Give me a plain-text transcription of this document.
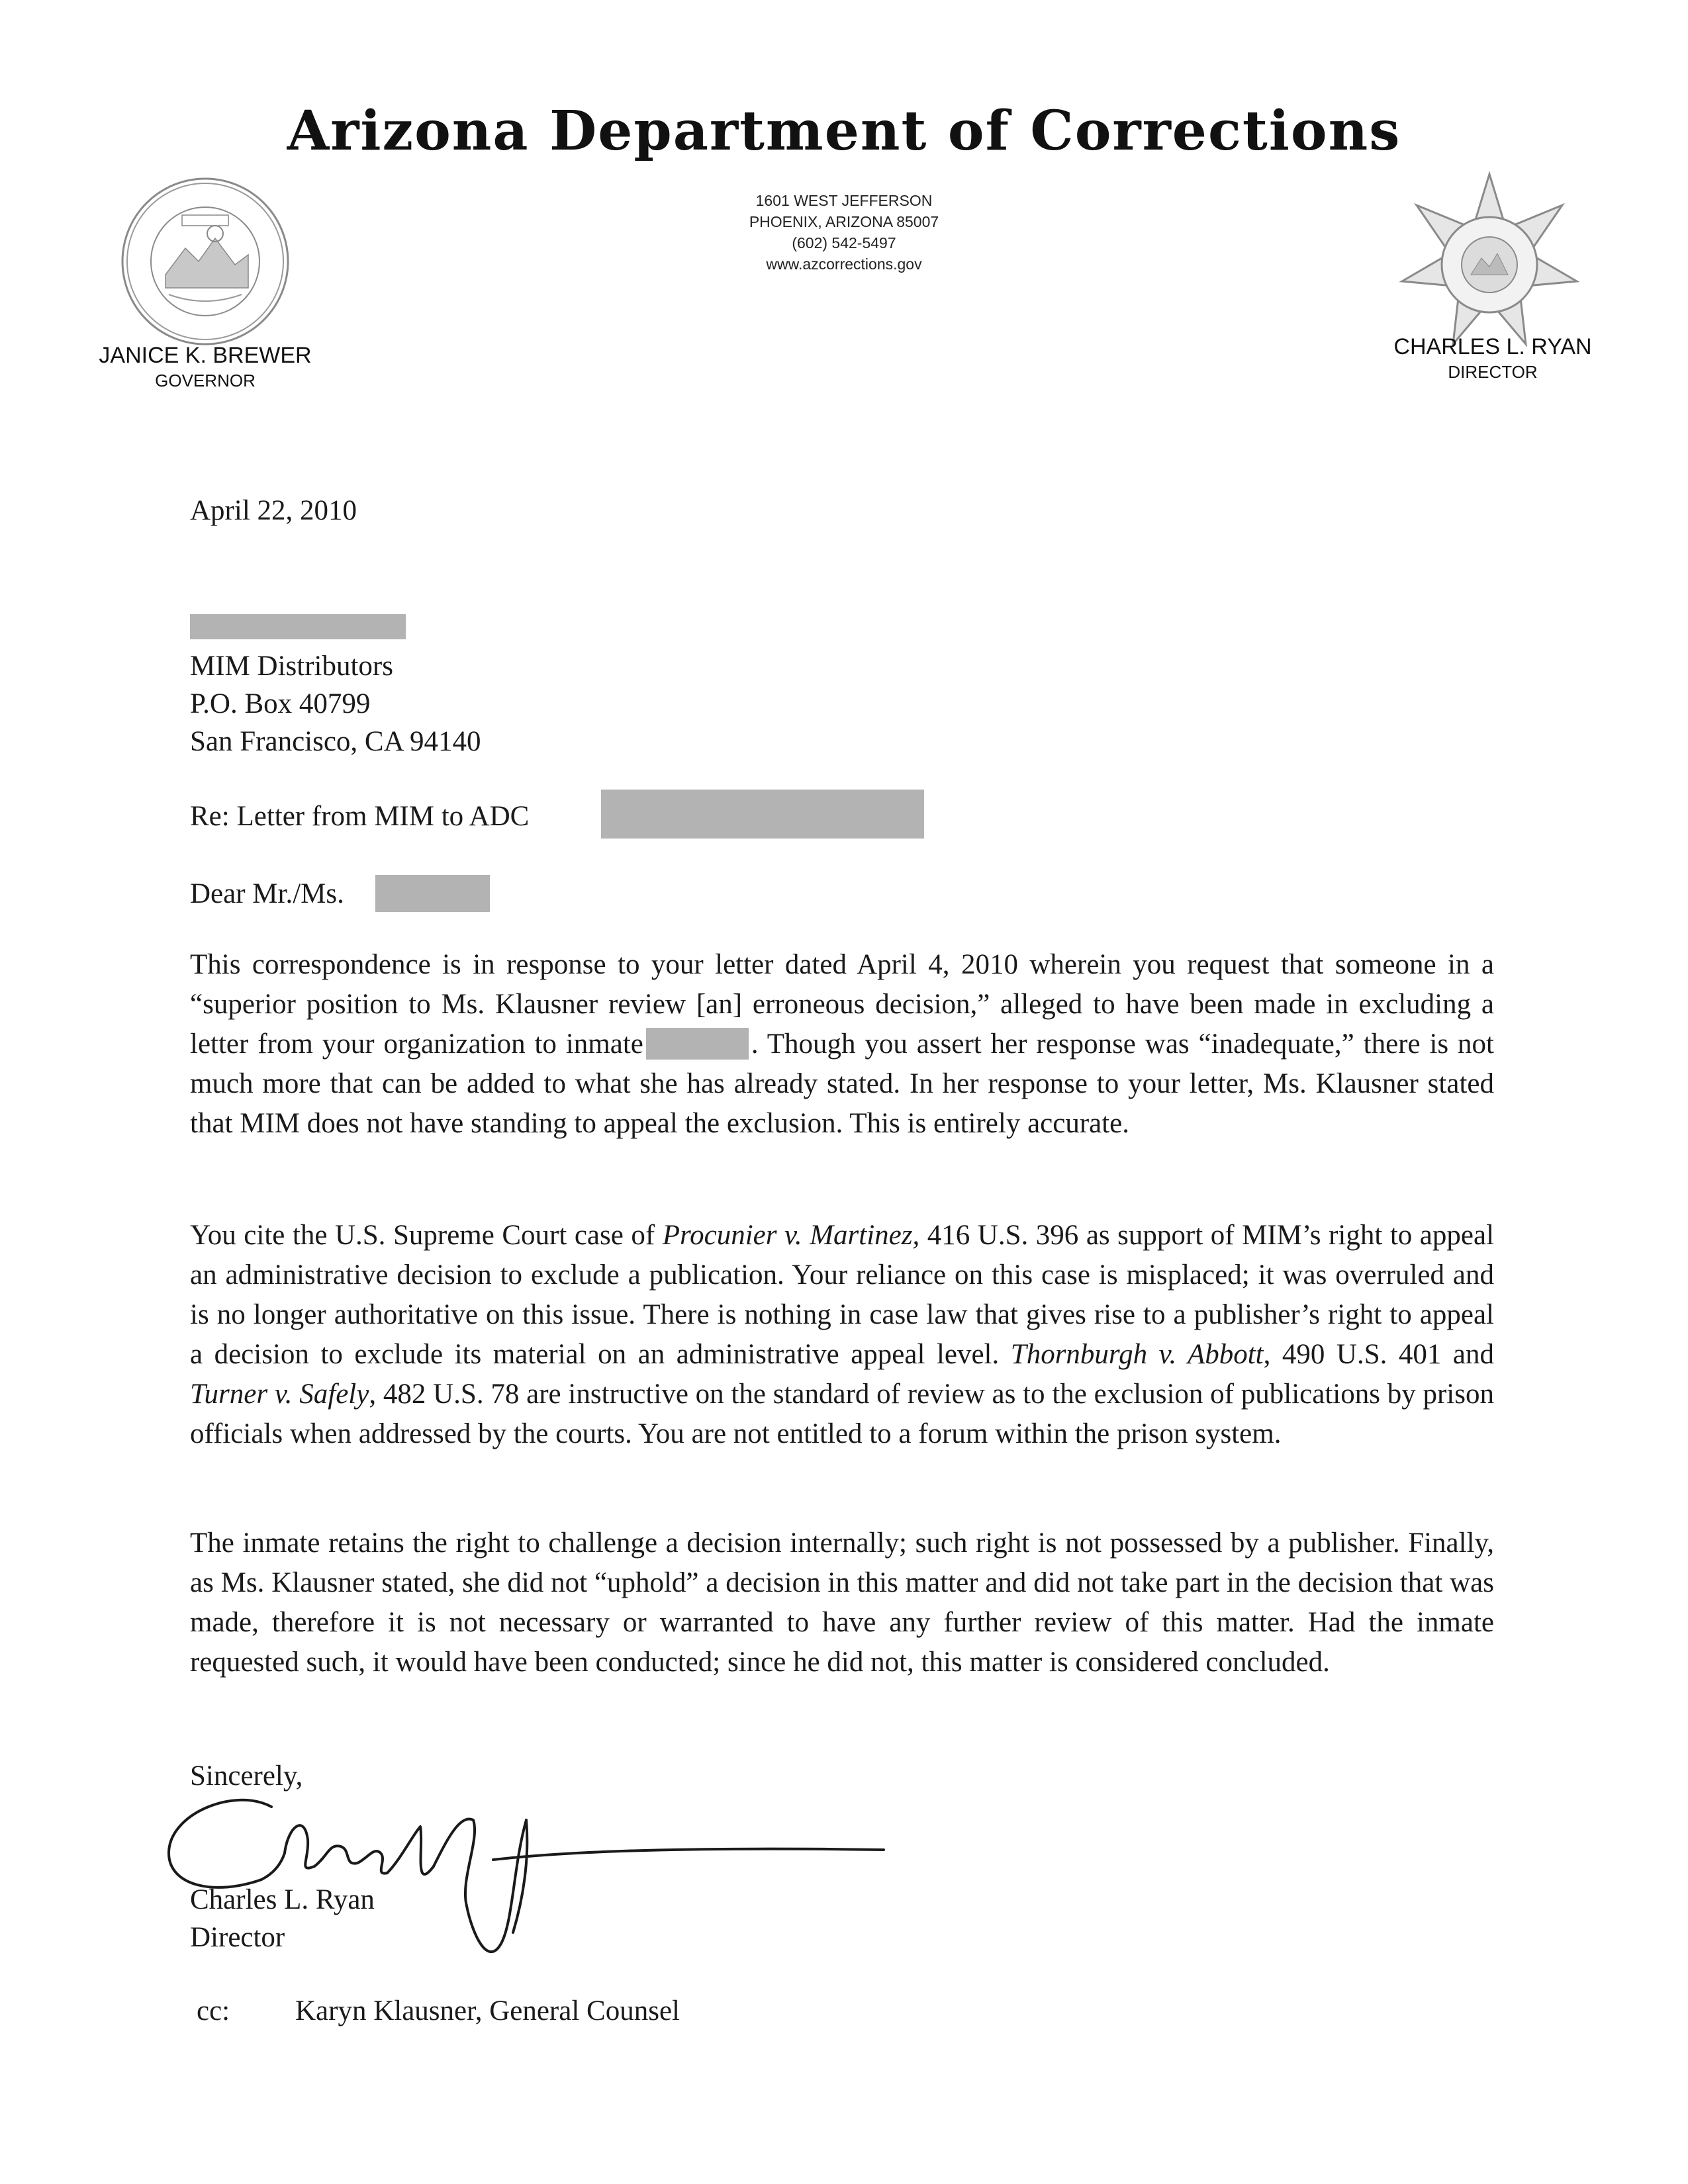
Arizona Department of Corrections
1601 WEST JEFFERSON
PHOENIX, ARIZONA 85007
(602) 542-5497
www.azcorrections.gov
JANICE K. BREWER
GOVERNOR
CHARLES L. RYAN
DIRECTOR
April 22, 2010
MIM Distributors
P.O. Box 40799
San Francisco, CA 94140
Re: Letter from MIM to ADC
Dear Mr./Ms.
This correspondence is in response to your letter dated April 4, 2010 wherein you request that someone in a “superior position to Ms. Klausner review [an] erroneous decision,” alleged to have been made in excluding a letter from your organization to inmate	. Though you assert her response was “inadequate,” there is not much more that can be added to what she has already stated. In her response to your letter, Ms. Klausner stated that MIM does not have standing to appeal the exclusion. This is entirely accurate.
You cite the U.S. Supreme Court case of Procunier v. Martinez, 416 U.S. 396 as support of MIM’s right to appeal an administrative decision to exclude a publication. Your reliance on this case is misplaced; it was overruled and is no longer authoritative on this issue. There is nothing in case law that gives rise to a publisher’s right to appeal a decision to exclude its material on an administrative appeal level. Thornburgh v. Abbott, 490 U.S. 401 and Turner v. Safely, 482 U.S. 78 are instructive on the standard of review as to the exclusion of publications by prison officials when addressed by the courts. You are not entitled to a forum within the prison system.
The inmate retains the right to challenge a decision internally; such right is not possessed by a publisher. Finally, as Ms. Klausner stated, she did not “uphold” a decision in this matter and did not take part in the decision that was made, therefore it is not necessary or warranted to have any further review of this matter. Had the inmate requested such, it would have been conducted; since he did not, this matter is considered concluded.
Sincerely,
Charles L. Ryan
Director
cc: Karyn Klausner, General Counsel
